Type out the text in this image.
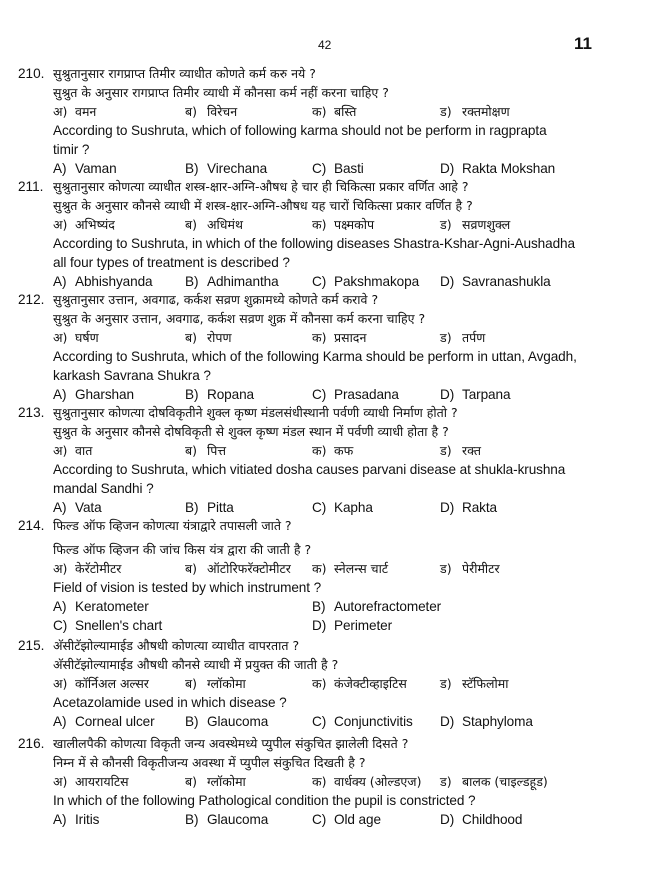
42	11
210. सुश्रुतानुसार रागप्राप्त तिमीर व्याधीत कोणते कर्म करु नये ?
सुश्रुत के अनुसार रागप्राप्त तिमीर व्याधी में कौनसा कर्म नहीं करना चाहिए ?
अ) वमन	ब) विरेचन	क) बस्ति	ड) रक्तमोक्षण
According to Sushruta, which of following karma should not be perform in ragprapta
timir ?
A) Vaman	B) Virechana	C) Basti	D) Rakta Mokshan
211. सुश्रुतानुसार कोणत्या व्याधीत शस्त्र-क्षार-अग्नि-औषध हे चार ही चिकित्सा प्रकार वर्णित आहे ?
सुश्रुत के अनुसार कौनसे व्याधी में शस्त्र-क्षार-अग्नि-औषध यह चारों चिकित्सा प्रकार वर्णित है ?
अ) अभिष्यंद	ब) अधिमंथ	क) पक्ष्मकोप	ड) सव्रणशुक्ल
According to Sushruta, in which of the following diseases Shastra-Kshar-Agni-Aushadha
all four types of treatment is described ?
A) Abhishyanda B) Adhimantha C) Pakshmakopa D) Savranashukla
212. सुश्रुतानुसार उत्तान, अवगाढ, कर्कश सव्रण शुक्रामध्ये कोणते कर्म करावे ?
सुश्रुत के अनुसार उत्तान, अवगाढ, कर्कश सव्रण शुक्र में कौनसा कर्म करना चाहिए ?
अ) घर्षण	ब) रोपण	क) प्रसादन	ड) तर्पण
According to Sushruta, which of the following Karma should be perform in uttan, Avgadh,
karkash Savrana Shukra ?
A) Gharshan	B) Ropana	C) Prasadana	D) Tarpana
213. सुश्रुतानुसार कोणत्या दोषविकृतीने शुक्ल कृष्ण मंडलसंधीस्थानी पर्वणी व्याधी निर्माण होतो ?
सुश्रुत के अनुसार कौनसे दोषविकृती से शुक्ल कृष्ण मंडल स्थान में पर्वणी व्याधी होता है ?
अ) वात	ब) पित्त	क) कफ	ड) रक्त
According to Sushruta, which vitiated dosha causes parvani disease at shukla-krushna
mandal Sandhi ?
A) Vata	B) Pitta	C) Kapha	D) Rakta
214. फिल्ड ऑफ व्हिजन कोणत्या यंत्राद्वारे तपासली जाते ?
फिल्ड ऑफ व्हिजन की जांच किस यंत्र द्वारा की जाती है ?
अ) केरॅटोमीटर	ब) ऑटोरिफरॅक्टोमीटर क) स्नेलन्स चार्ट	ड) पेरीमीटर
Field of vision is tested by which instrument ?
A) Keratometer	B) Autorefractometer
C) Snellen's chart	D) Perimeter
215. अ‍ॅसीटॅझोल्यामाईड औषधी कोणत्या व्याधीत वापरतात ?
अ‍ॅसीटॅझोल्यामाईड औषधी कौनसे व्याधी में प्रयुक्त की जाती है ?
अ) कॉर्निअल अल्सर	ब) ग्लॉकोमा	क) कंजेक्टीव्हाइटिस	ड) स्टॅफिलोमा
Acetazolamide used in which disease ?
A) Corneal ulcer B) Glaucoma	C) Conjunctivitis D) Staphyloma
216. खालीलपैकी कोणत्या विकृती जन्य अवस्थेमध्ये प्युपील संकुचित झालेली दिसते ?
निम्न में से कौनसी विकृतीजन्य अवस्था में प्युपील संकुचित दिखती है ?
अ) आयरायटिस	ब) ग्लॉकोमा	क) वार्धक्य (ओल्डएज) ड) बालक (चाइल्डहूड)
In which of the following Pathological condition the pupil is constricted ?
A) Iritis	B) Glaucoma	C) Old age	D) Childhood
